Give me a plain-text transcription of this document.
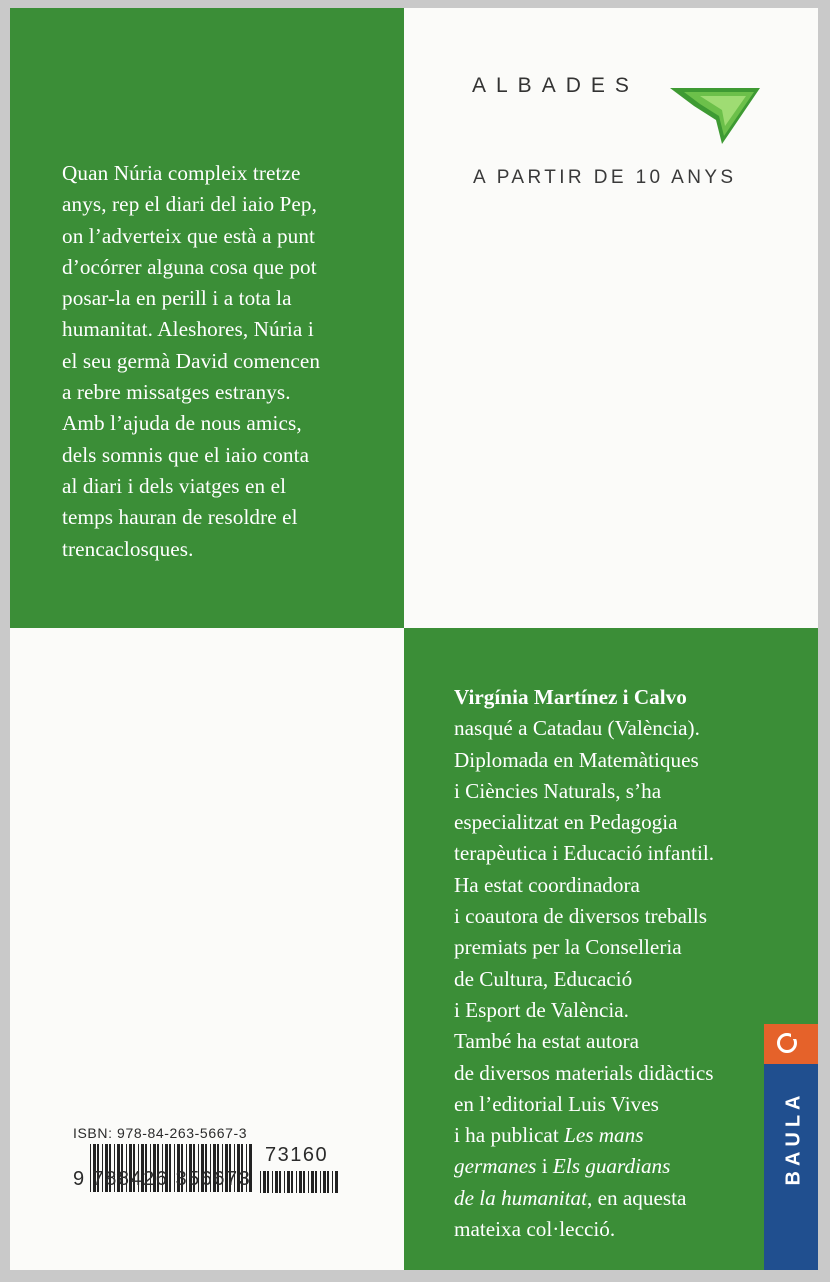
Quan Núria compleix tretze
anys, rep el diari del iaio Pep,
on l’adverteix que està a punt
d’ocórrer alguna cosa que pot
posar-la en perill i a tota la
humanitat. Aleshores, Núria i
el seu germà David comencen
a rebre missatges estranys.
Amb l’ajuda de nous amics,
dels somnis que el iaio conta
al diari i dels viatges en el
temps hauran de resoldre el
trencaclosques.
ALBADES
A PARTIR DE 10 ANYS
Virgínia Martínez i Calvo
nasqué a Catadau (València).
Diplomada en Matemàtiques
i Ciències Naturals, s’ha
especialitzat en Pedagogia
terapèutica i Educació infantil.
Ha estat coordinadora
i coautora de diversos treballs
premiats per la Conselleria
de Cultura, Educació
i Esport de València.
També ha estat autora
de diversos materials didàctics
en l’editorial Luis Vives
i ha publicat Les mans
germanes i Els guardians
de la humanitat, en aquesta
mateixa col·lecció.
BAULA
ISBN: 978-84-263-5667-3
73160
9 788426 356673
